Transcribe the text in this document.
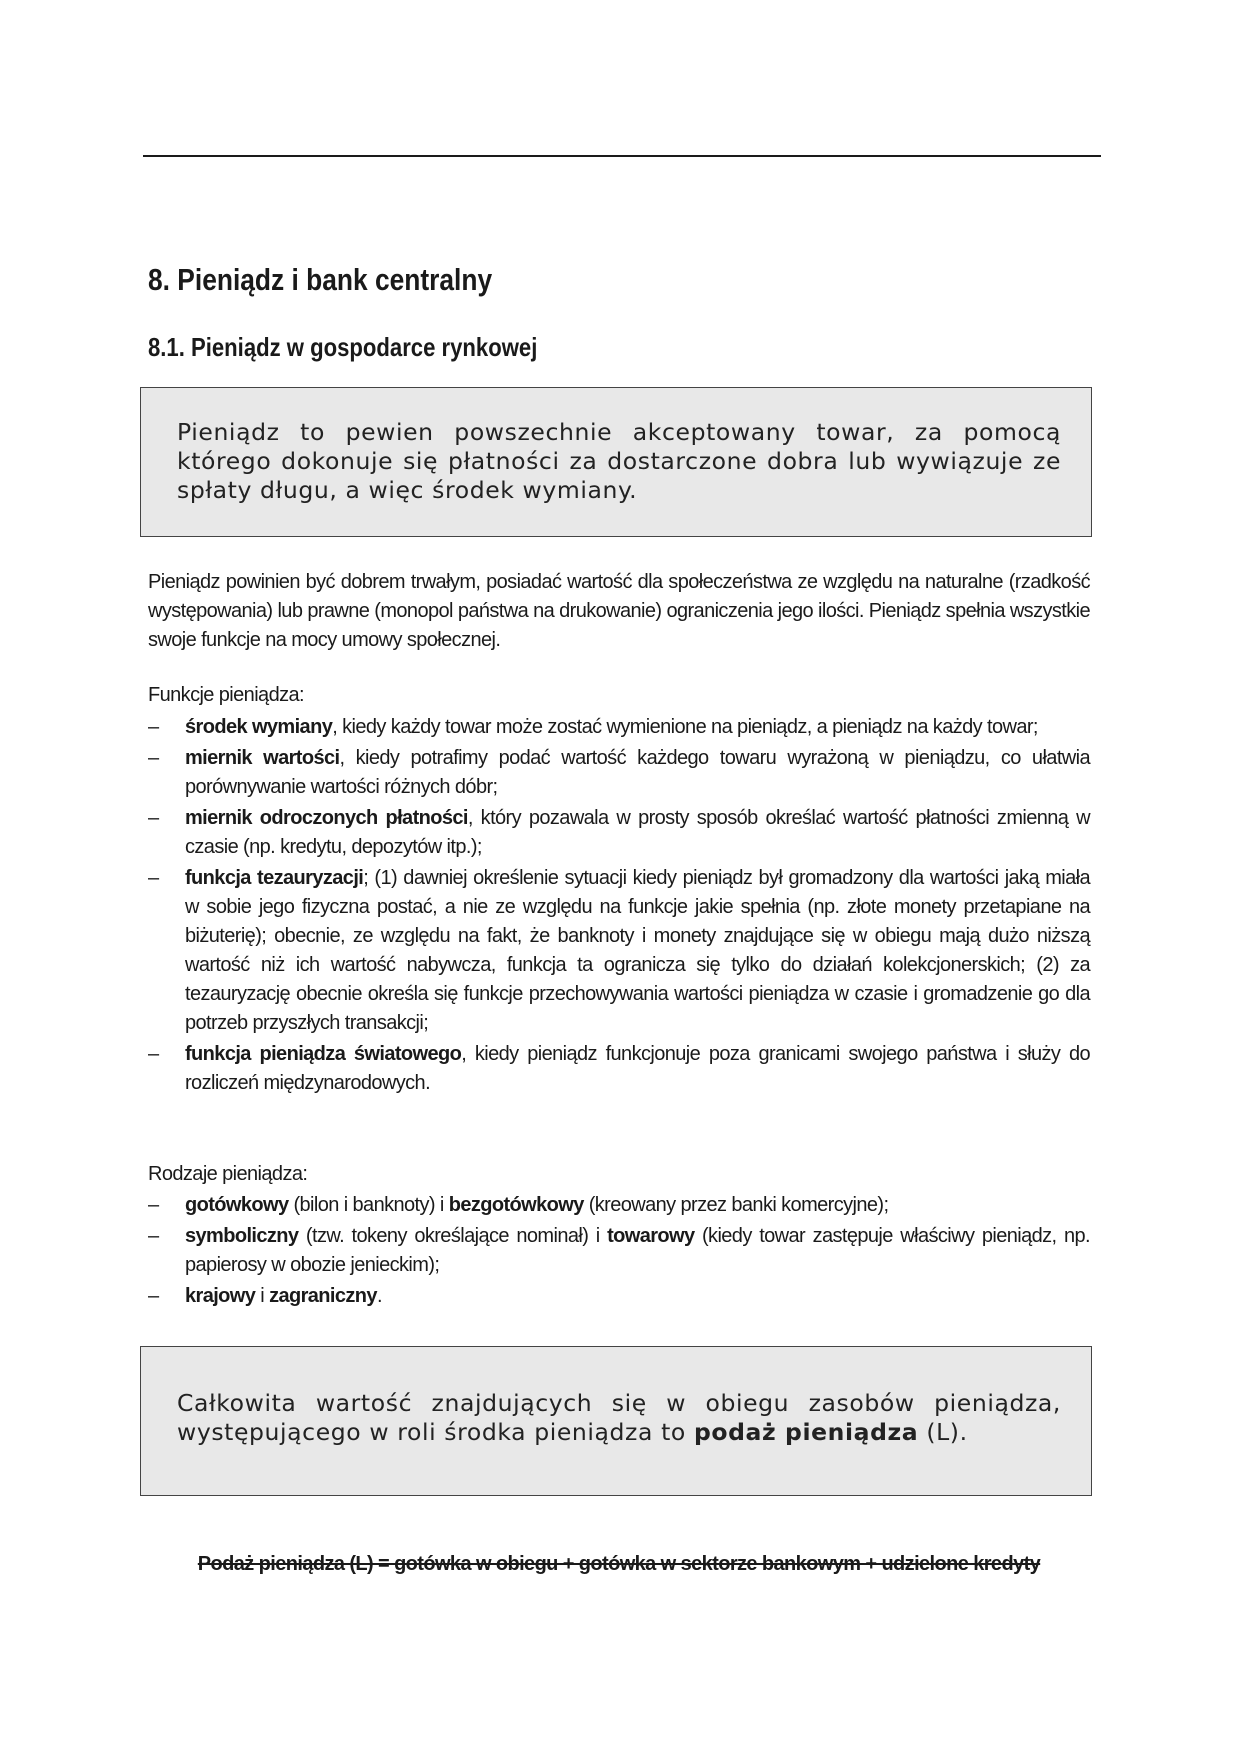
8. Pieniądz i bank centralny
8.1. Pieniądz w gospodarce rynkowej

Pieniądz to pewien powszechnie akceptowany towar, za pomocą którego dokonuje się płatności za dostarczone dobra lub wywiązuje ze spłaty długu, a więc środek wymiany.

Pieniądz powinien być dobrem trwałym, posiadać wartość dla społeczeństwa ze względu na naturalne (rzadkość występowania) lub prawne (monopol państwa na drukowanie) ograniczenia jego ilości. Pieniądz spełnia wszystkie swoje funkcje na mocy umowy społecznej.

Funkcje pieniądza:

– środek wymiany, kiedy każdy towar może zostać wymienione na pieniądz, a pieniądz na każdy towar;
– miernik wartości, kiedy potrafimy podać wartość każdego towaru wyrażoną w pieniądzu, co ułatwia porównywanie wartości różnych dóbr;
– miernik odroczonych płatności, który pozawala w prosty sposób określać wartość płatności zmienną w czasie (np. kredytu, depozytów itp.);
– funkcja tezauryzacji; (1) dawniej określenie sytuacji kiedy pieniądz był gromadzony dla wartości jaką miała w sobie jego fizyczna postać, a nie ze względu na funkcje jakie spełnia (np. złote monety przetapiane na biżuterię); obecnie, ze względu na fakt, że banknoty i monety znajdujące się w obiegu mają dużo niższą wartość niż ich wartość nabywcza, funkcja ta ogranicza się tylko do działań kolekcjonerskich; (2) za tezauryzację obecnie określa się funkcje przechowywania wartości pieniądza w czasie i gromadzenie go dla potrzeb przyszłych transakcji;
– funkcja pieniądza światowego, kiedy pieniądz funkcjonuje poza granicami swojego państwa i służy do rozliczeń międzynarodowych.

Rodzaje pieniądza:

– gotówkowy (bilon i banknoty) i bezgotówkowy (kreowany przez banki komercyjne);
– symboliczny (tzw. tokeny określające nominał) i towarowy (kiedy towar zastępuje właściwy pieniądz, np. papierosy w obozie jenieckim);
– krajowy i zagraniczny.

Całkowita wartość znajdujących się w obiegu zasobów pieniądza, występującego w roli środka pieniądza to podaż pieniądza (L).

Podaż pieniądza (L) = gotówka w obiegu + gotówka w sektorze bankowym + udzielone kredyty
